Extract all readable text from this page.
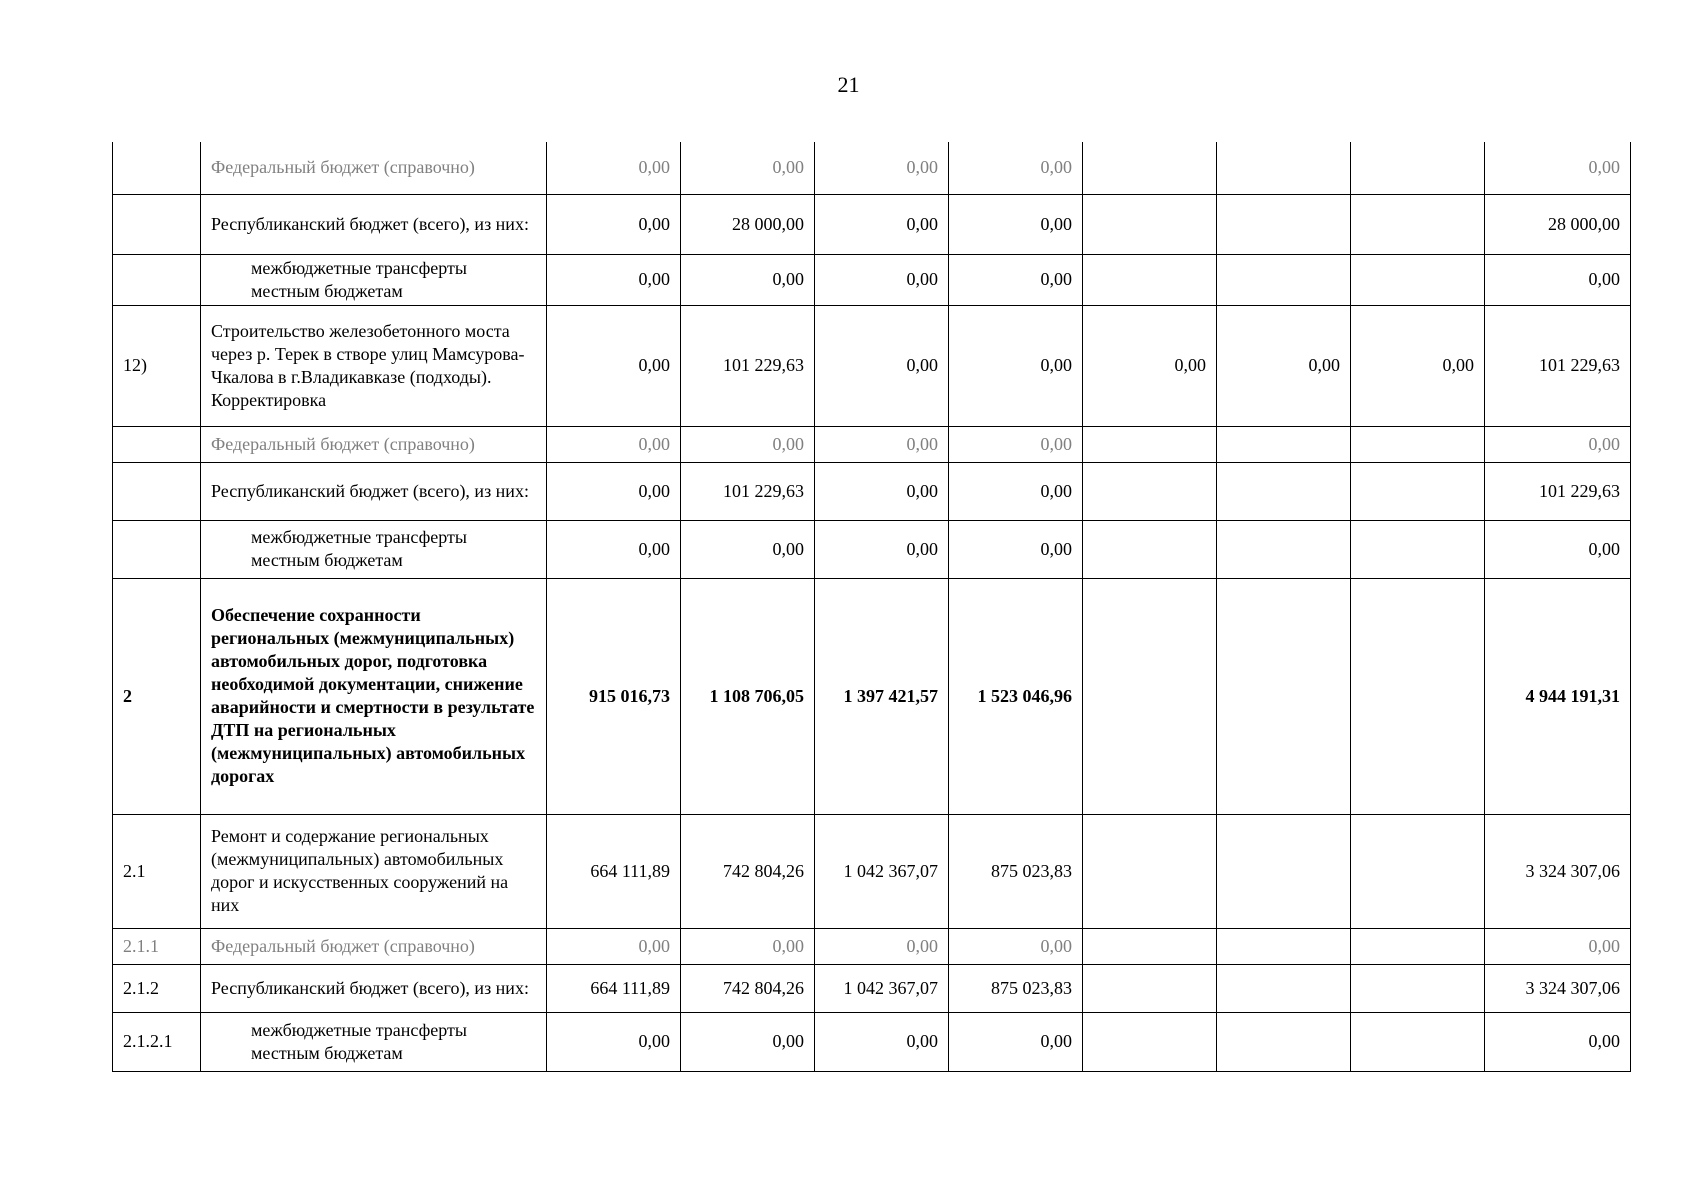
21
	Федеральный бюджет (справочно)	0,00	0,00	0,00	0,00				0,00
	Республиканский бюджет (всего), из них:	0,00	28 000,00	0,00	0,00				28 000,00
	межбюджетные трансферты местным бюджетам	0,00	0,00	0,00	0,00				0,00
12)	Строительство железобетонного моста через р. Терек в створе улиц Мамсурова-Чкалова в г.Владикавказе (подходы). Корректировка	0,00	101 229,63	0,00	0,00	0,00	0,00	0,00	101 229,63
	Федеральный бюджет (справочно)	0,00	0,00	0,00	0,00				0,00
	Республиканский бюджет (всего), из них:	0,00	101 229,63	0,00	0,00				101 229,63
	межбюджетные трансферты местным бюджетам	0,00	0,00	0,00	0,00				0,00
2	Обеспечение сохранности региональных (межмуниципальных) автомобильных дорог, подготовка необходимой документации, снижение аварийности и смертности в результате ДТП на региональных (межмуниципальных) автомобильных дорогах	915 016,73	1 108 706,05	1 397 421,57	1 523 046,96				4 944 191,31
2.1	Ремонт и содержание региональных (межмуниципальных) автомобильных дорог и искусственных сооружений на них	664 111,89	742 804,26	1 042 367,07	875 023,83				3 324 307,06
2.1.1	Федеральный бюджет (справочно)	0,00	0,00	0,00	0,00				0,00
2.1.2	Республиканский бюджет (всего), из них:	664 111,89	742 804,26	1 042 367,07	875 023,83				3 324 307,06
2.1.2.1	межбюджетные трансферты местным бюджетам	0,00	0,00	0,00	0,00				0,00
